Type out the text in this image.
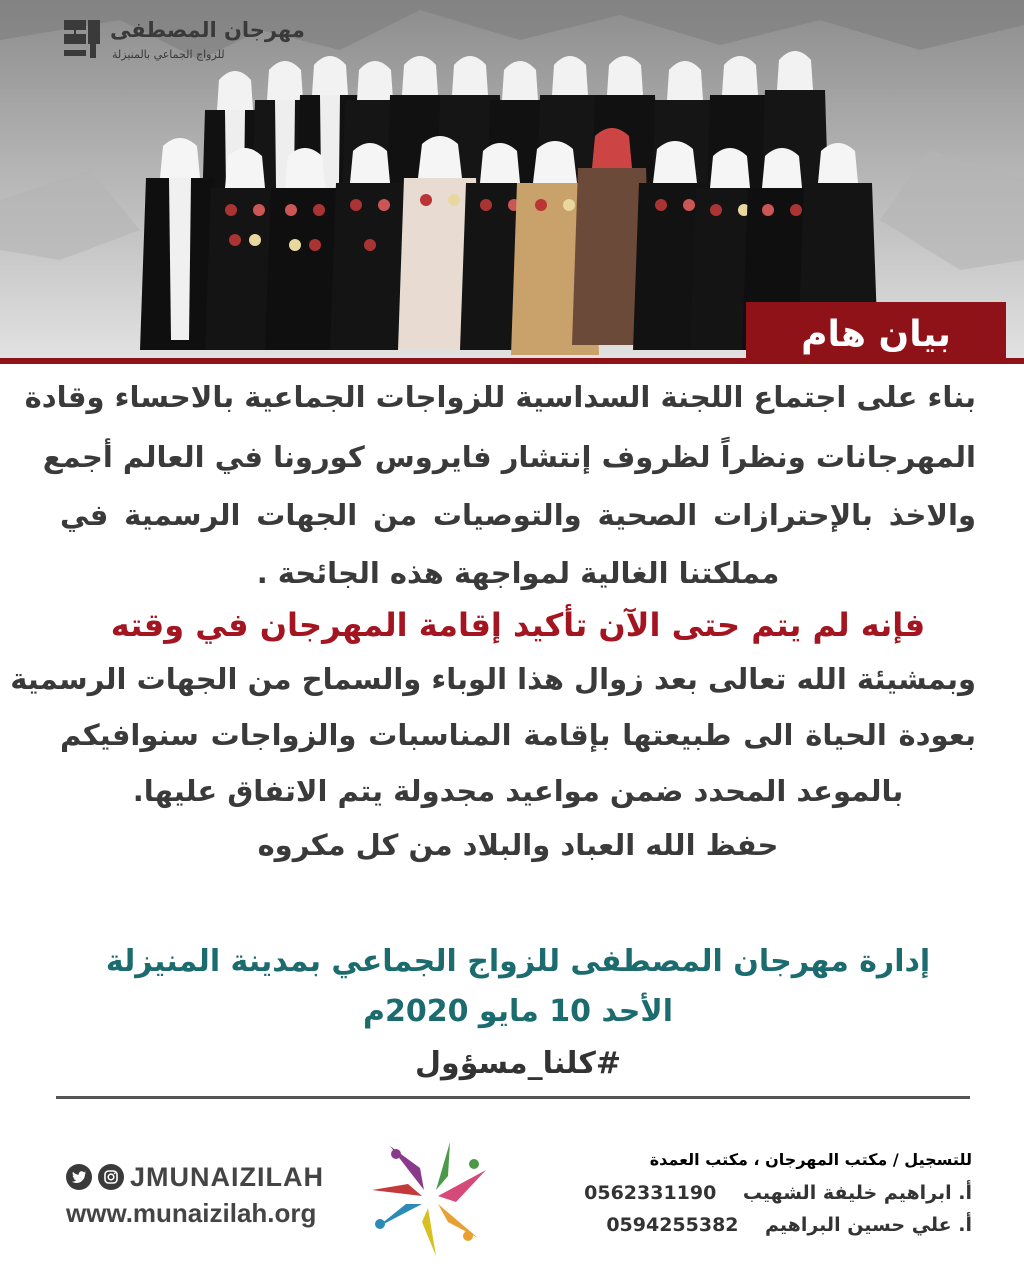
مهرجان المصطفى
للزواج الجماعي بالمنيزلة
بيان هام
بناء على اجتماع اللجنة السداسية للزواجات الجماعية بالاحساء وقادة
المهرجانات ونظراً لظروف إنتشار فايروس كورونا في العالم أجمع
والاخذ بالإحترازات الصحية والتوصيات من الجهات الرسمية في
مملكتنا الغالية لمواجهة هذه الجائحة .
فإنه لم يتم حتى الآن تأكيد إقامة المهرجان في وقته
وبمشيئة الله تعالى بعد زوال هذا الوباء والسماح من الجهات الرسمية
بعودة الحياة الى طبيعتها بإقامة المناسبات والزواجات سنوافيكم
بالموعد المحدد ضمن مواعيد مجدولة يتم الاتفاق عليها.
حفظ الله العباد والبلاد من كل مكروه
إدارة مهرجان المصطفى للزواج الجماعي بمدينة المنيزلة
الأحد 10 مايو 2020م
#كلنا_مسؤول
JMUNAIZILAH
www.munaizilah.org
للتسجيل / مكتب المهرجان ، مكتب العمدة
أ. ابراهيم خليفة الشهيب    0562331190
أ. علي حسين البراهيم    0594255382
